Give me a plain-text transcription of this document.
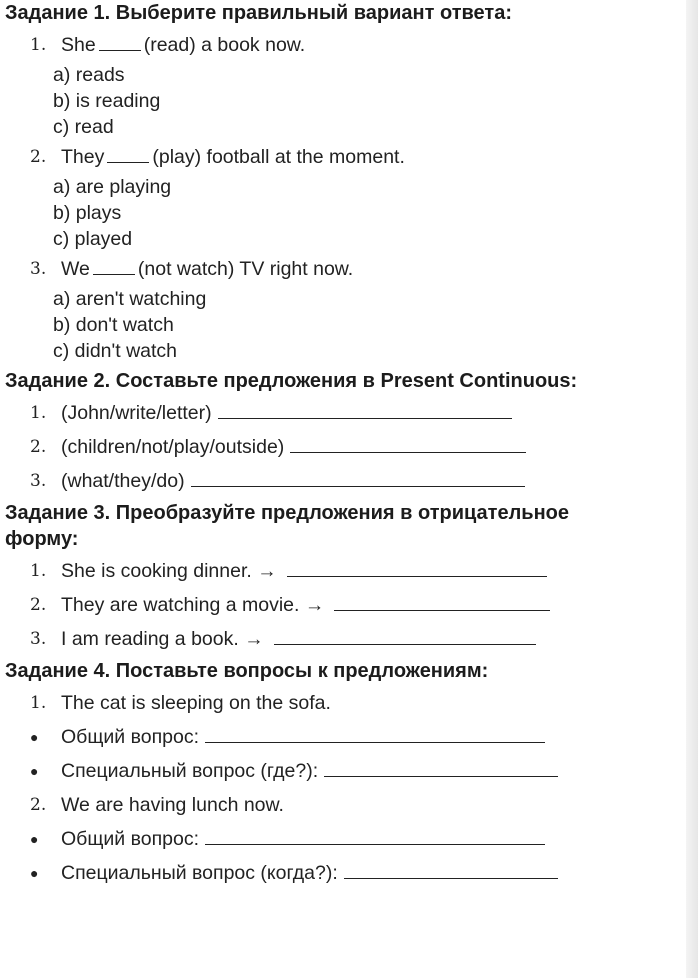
Задание 1. Выберите правильный вариант ответа:
1. She (read) a book now.
a) reads
b) is reading
c) read
2. They (play) football at the moment.
a) are playing
b) plays
c) played
3. We (not watch) TV right now.
a) aren't watching
b) don't watch
c) didn't watch
Задание 2. Составьте предложения в Present Continuous:
1. (John/write/letter)
2. (children/not/play/outside)
3. (what/they/do)
Задание 3. Преобразуйте предложения в отрицательное форму:
1. She is cooking dinner. →
2. They are watching a movie. →
3. I am reading a book. →
Задание 4. Поставьте вопросы к предложениям:
1. The cat is sleeping on the sofa.
● Общий вопрос:
● Специальный вопрос (где?):
2. We are having lunch now.
● Общий вопрос:
● Специальный вопрос (когда?):
